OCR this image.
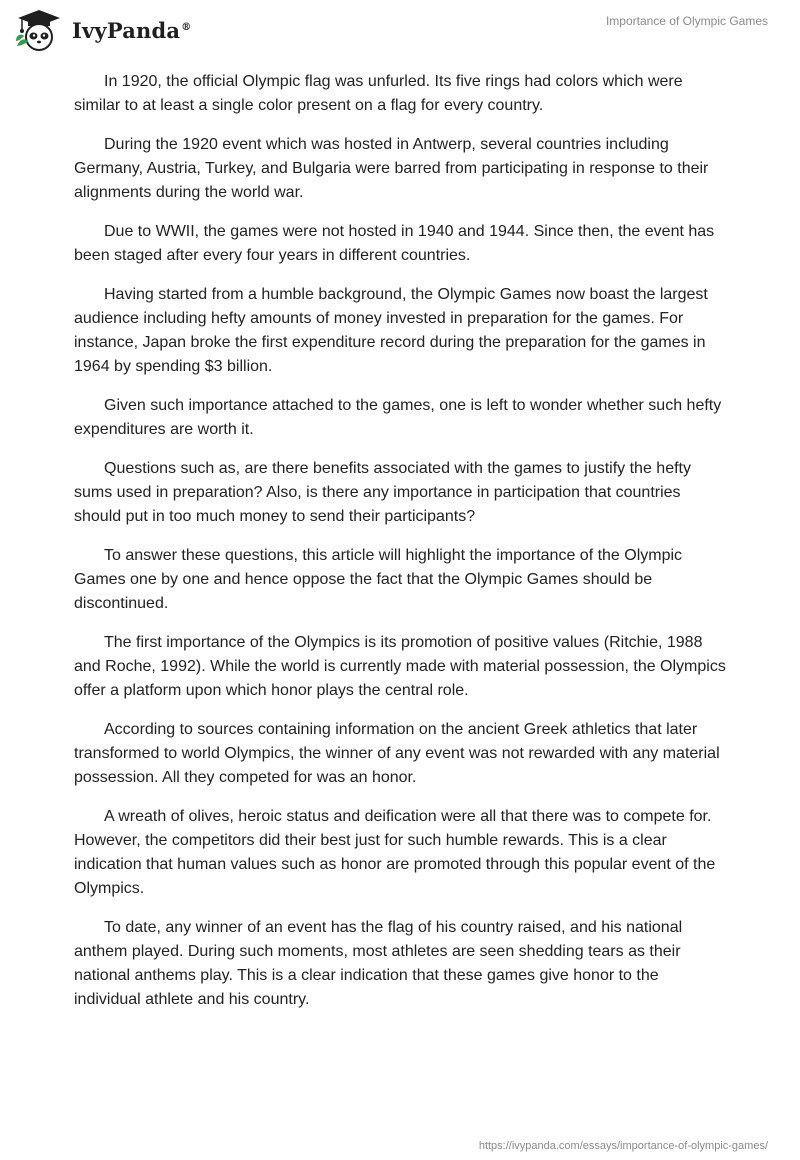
IvyPanda®	Importance of Olympic Games

In 1920, the official Olympic flag was unfurled. Its five rings had colors which were similar to at least a single color present on a flag for every country.

During the 1920 event which was hosted in Antwerp, several countries including Germany, Austria, Turkey, and Bulgaria were barred from participating in response to their alignments during the world war.

Due to WWII, the games were not hosted in 1940 and 1944. Since then, the event has been staged after every four years in different countries.

Having started from a humble background, the Olympic Games now boast the largest audience including hefty amounts of money invested in preparation for the games. For instance, Japan broke the first expenditure record during the preparation for the games in 1964 by spending $3 billion.

Given such importance attached to the games, one is left to wonder whether such hefty expenditures are worth it.

Questions such as, are there benefits associated with the games to justify the hefty sums used in preparation? Also, is there any importance in participation that countries should put in too much money to send their participants?

To answer these questions, this article will highlight the importance of the Olympic Games one by one and hence oppose the fact that the Olympic Games should be discontinued.

The first importance of the Olympics is its promotion of positive values (Ritchie, 1988 and Roche, 1992). While the world is currently made with material possession, the Olympics offer a platform upon which honor plays the central role.

According to sources containing information on the ancient Greek athletics that later transformed to world Olympics, the winner of any event was not rewarded with any material possession. All they competed for was an honor.

A wreath of olives, heroic status and deification were all that there was to compete for. However, the competitors did their best just for such humble rewards. This is a clear indication that human values such as honor are promoted through this popular event of the Olympics.

To date, any winner of an event has the flag of his country raised, and his national anthem played. During such moments, most athletes are seen shedding tears as their national anthems play. This is a clear indication that these games give honor to the individual athlete and his country.

https://ivypanda.com/essays/importance-of-olympic-games/
